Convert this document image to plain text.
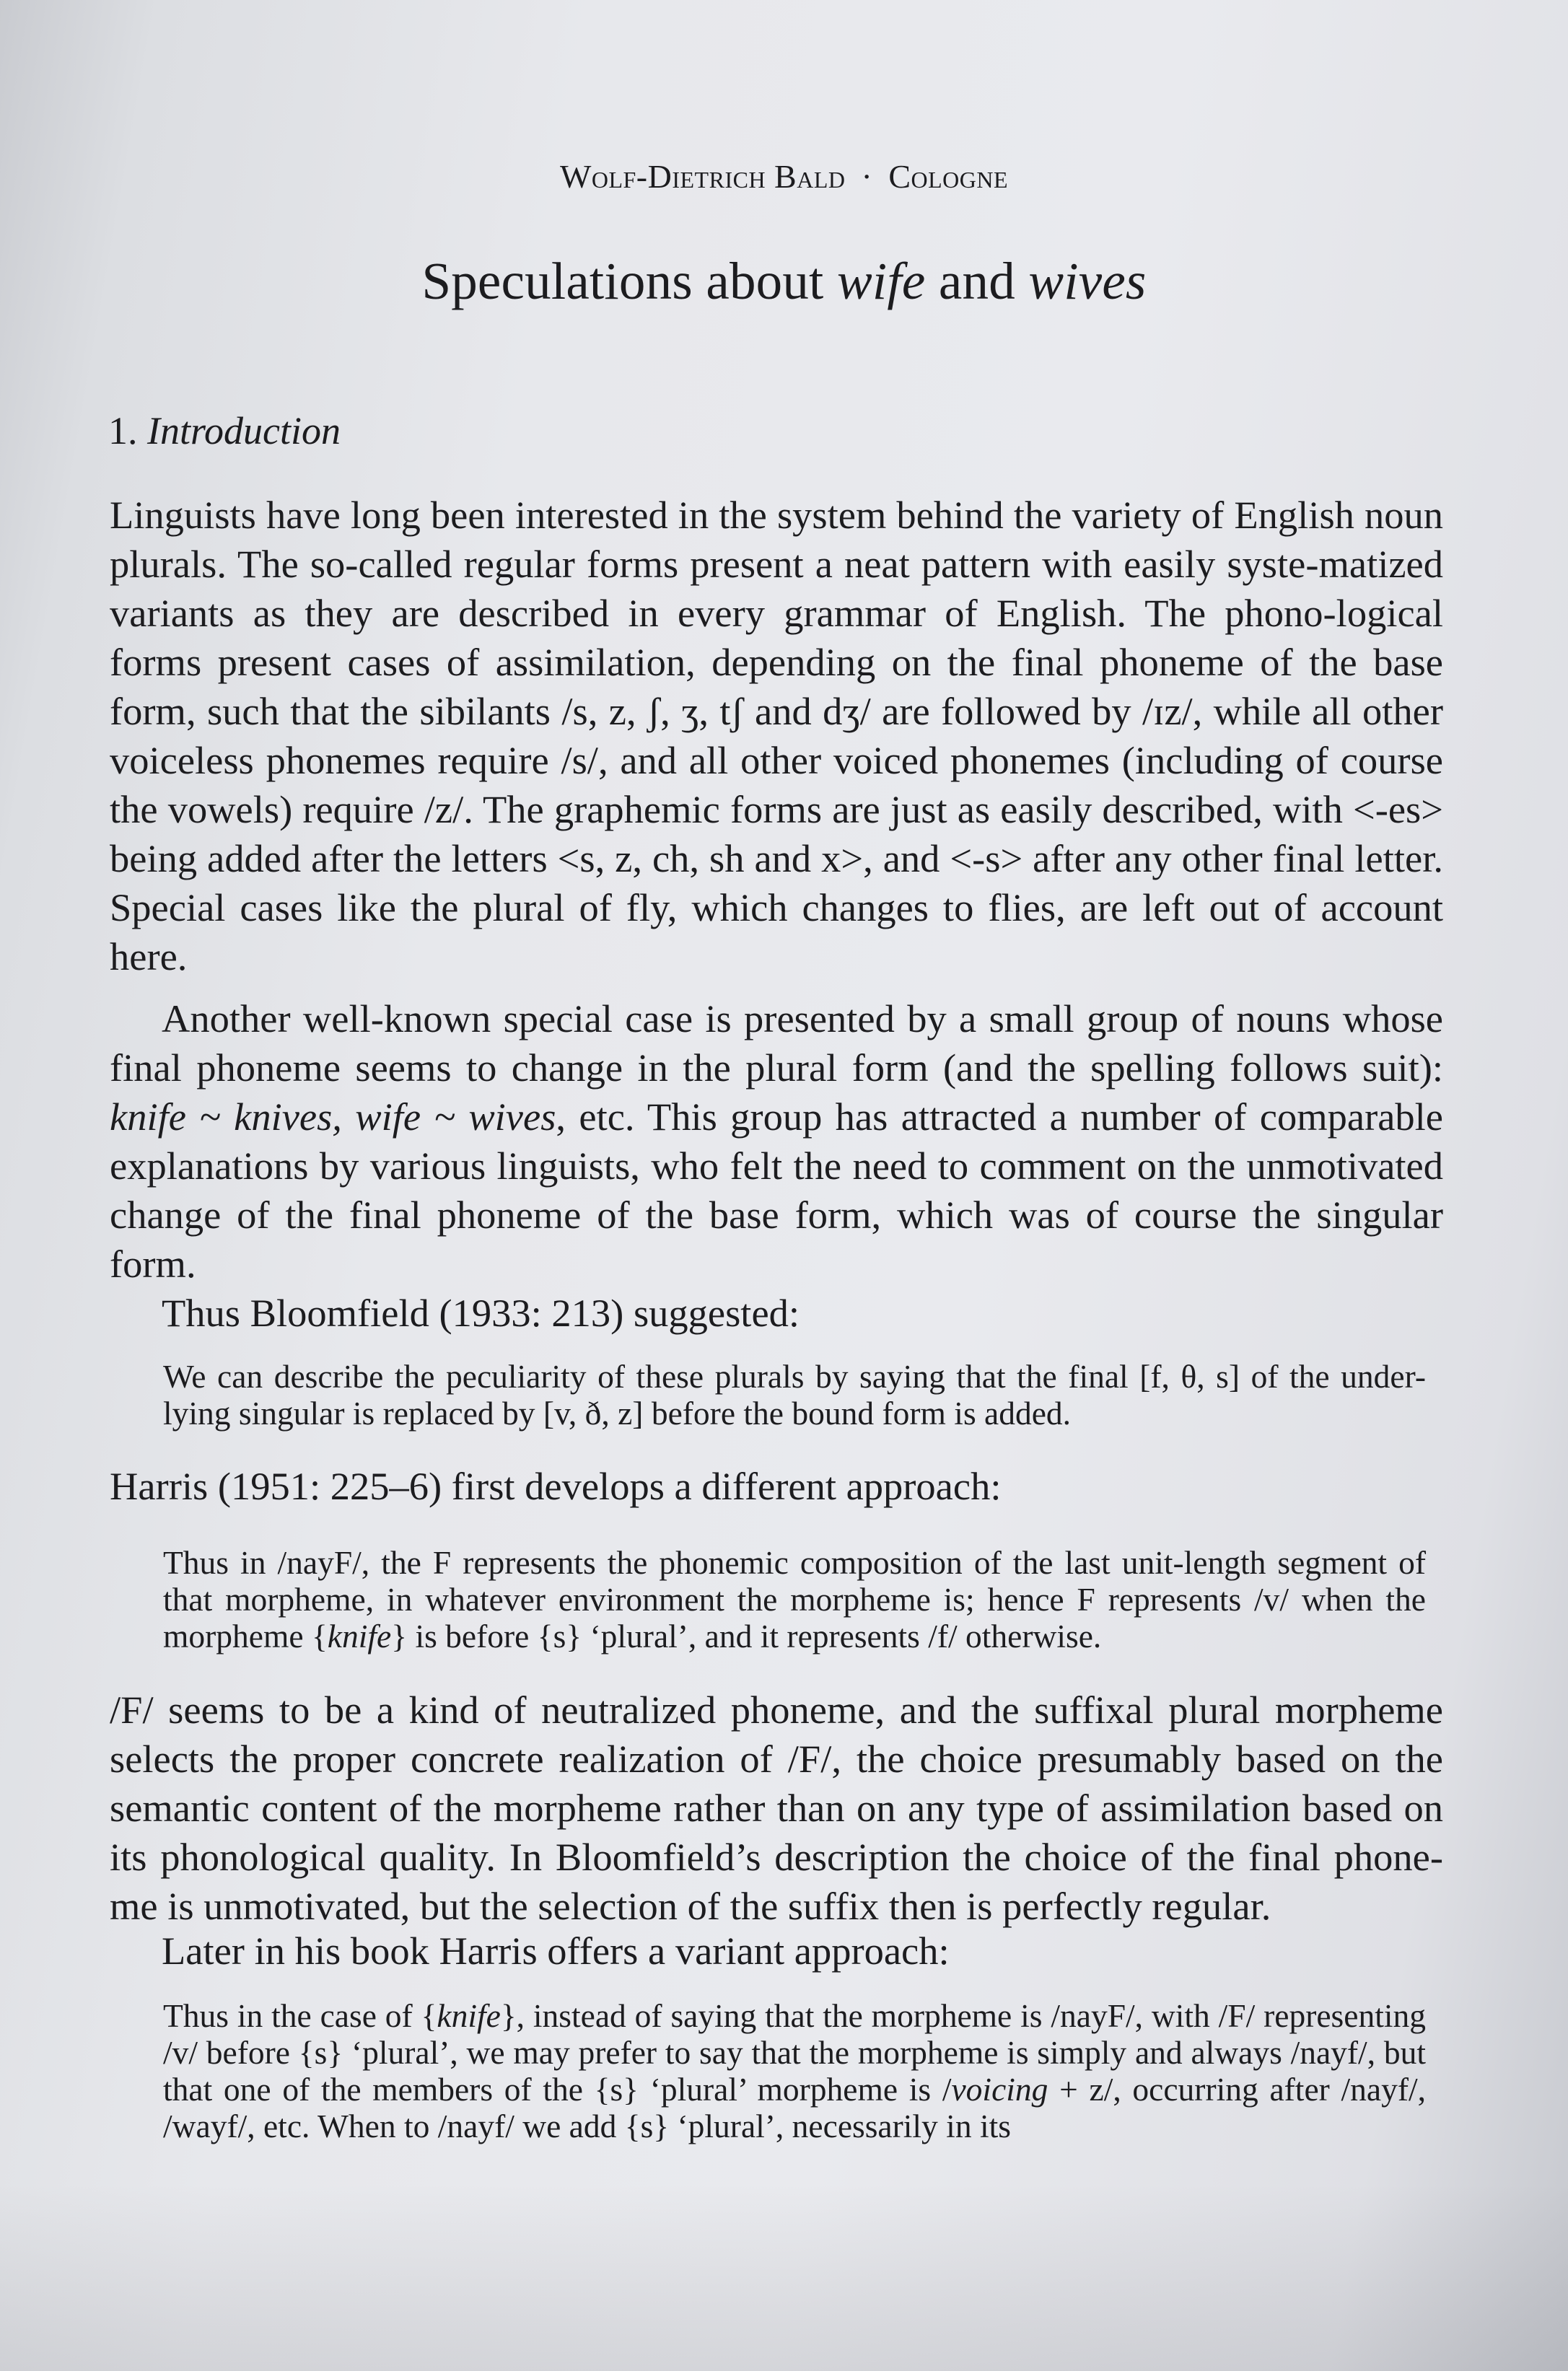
Wolf-Dietrich Bald · Cologne
Speculations about wife and wives
1. Introduction
Linguists have long been interested in the system behind the variety of English noun plurals. The so-called regular forms present a neat pattern with easily syste-matized variants as they are described in every grammar of English. The phono-logical forms present cases of assimilation, depending on the final phoneme of the base form, such that the sibilants /s, z, ʃ, ʒ, tʃ and dʒ/ are followed by /ɪz/, while all other voiceless phonemes require /s/, and all other voiced phonemes (including of course the vowels) require /z/. The graphemic forms are just as easily described, with <-es> being added after the letters <s, z, ch, sh and x>, and <-s> after any other final letter. Special cases like the plural of fly, which changes to flies, are left out of account here.
Another well-known special case is presented by a small group of nouns whose final phoneme seems to change in the plural form (and the spelling follows suit): knife ~ knives, wife ~ wives, etc. This group has attracted a number of comparable explanations by various linguists, who felt the need to comment on the unmotivated change of the final phoneme of the base form, which was of course the singular form.
Thus Bloomfield (1933: 213) suggested:
We can describe the peculiarity of these plurals by saying that the final [f, θ, s] of the under-lying singular is replaced by [v, ð, z] before the bound form is added.
Harris (1951: 225–6) first develops a different approach:
Thus in /nayF/, the F represents the phonemic composition of the last unit-length segment of that morpheme, in whatever environment the morpheme is; hence F represents /v/ when the morpheme {knife} is before {s} ‘plural’, and it represents /f/ otherwise.
/F/ seems to be a kind of neutralized phoneme, and the suffixal plural morpheme selects the proper concrete realization of /F/, the choice presumably based on the semantic content of the morpheme rather than on any type of assimilation based on its phonological quality. In Bloomfield’s description the choice of the final phone-me is unmotivated, but the selection of the suffix then is perfectly regular.
Later in his book Harris offers a variant approach:
Thus in the case of {knife}, instead of saying that the morpheme is /nayF/, with /F/ representing /v/ before {s} ‘plural’, we may prefer to say that the morpheme is simply and always /nayf/, but that one of the members of the {s} ‘plural’ morpheme is /voicing + z/, occurring after /nayf/, /wayf/, etc. When to /nayf/ we add {s} ‘plural’, necessarily in its
